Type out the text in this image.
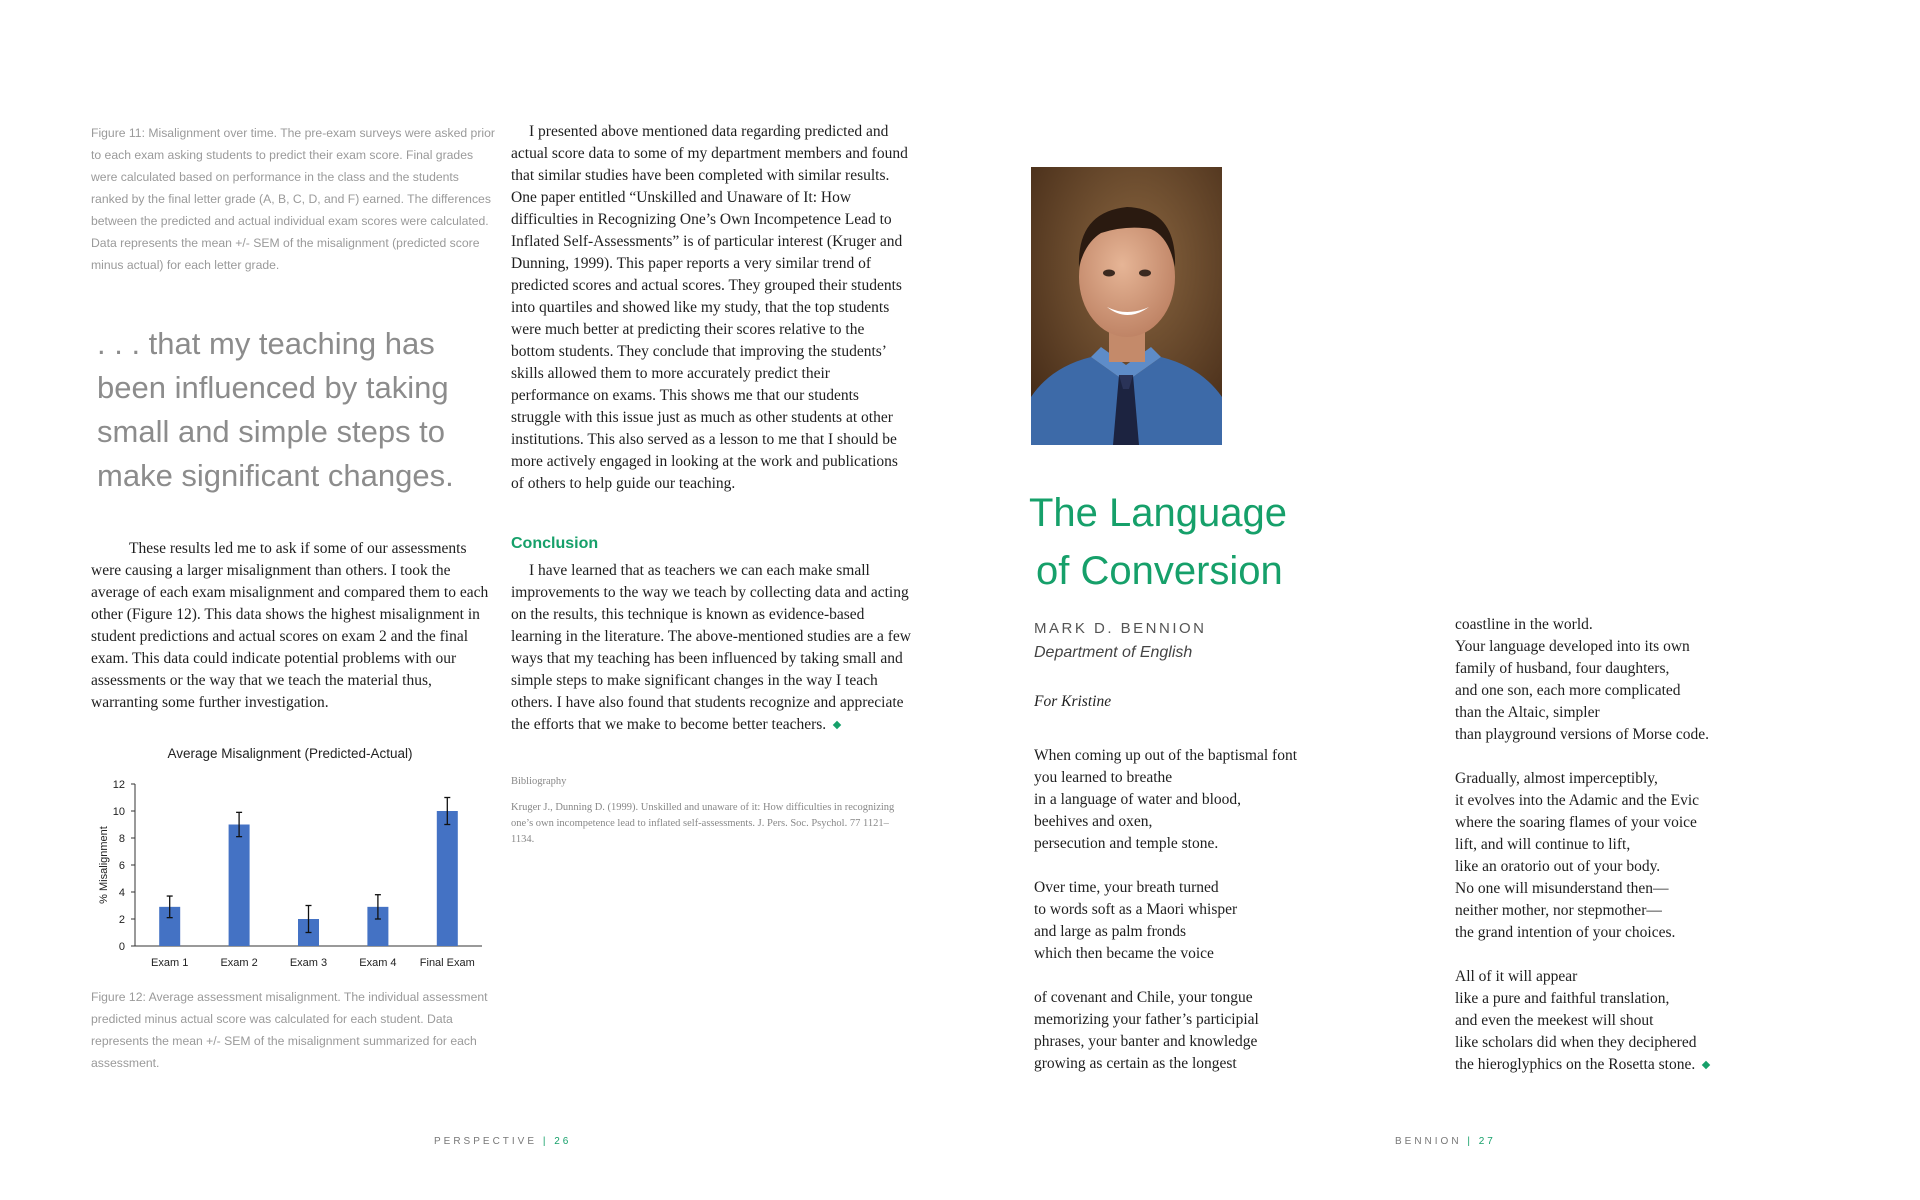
Figure 11: Misalignment over time. The pre-exam surveys were asked prior to each exam asking students to predict their exam score. Final grades were calculated based on performance in the class and the students ranked by the final letter grade (A, B, C, D, and F) earned. The differences between the predicted and actual individual exam scores were calculated. Data represents the mean +/- SEM of the misalignment (predicted score minus actual) for each letter grade.
. . . that my teaching has been influenced by taking small and simple steps to make significant changes.

These results led me to ask if some of our assessments were causing a larger misalignment than others. I took the average of each exam misalignment and compared them to each other (Figure 12). This data shows the highest misalignment in student predictions and actual scores on exam 2 and the final exam. This data could indicate potential problems with our assessments or the way that we teach the material thus, warranting some further investigation.

Average Misalignment (Predicted-Actual)
% Misalignment
0
2
4
6
8
10
12
Exam 1	Exam 2	Exam 3	Exam 4 Final Exam
Figure 12: Average assessment misalignment. The individual assessment predicted minus actual score was calculated for each student. Data represents the mean +/- SEM of the misalignment summarized for each assessment.

I presented above mentioned data regarding predicted and actual score data to some of my department members and found that similar studies have been completed with similar results. One paper entitled “Unskilled and Unaware of It: How difficulties in Recognizing One’s Own Incompetence Lead to Inflated Self-Assessments” is of particular interest (Kruger and Dunning, 1999). This paper reports a very similar trend of predicted scores and actual scores. They grouped their students into quartiles and showed like my study, that the top students were much better at predicting their scores relative to the bottom students. They conclude that improving the students’ skills allowed them to more accurately predict their performance on exams. This shows me that our students struggle with this issue just as much as other students at other institutions. This also served as a lesson to me that I should be more actively engaged in looking at the work and publications of others to help guide our teaching.

Conclusion

I have learned that as teachers we can each make small improvements to the way we teach by collecting data and acting on the results, this technique is known as evidence-based learning in the literature. The above-mentioned studies are a few ways that my teaching has been influenced by taking small and simple steps to make significant changes in the way I teach others. I have also found that students recognize and appreciate the efforts that we make to become better teachers.

Bibliography
Kruger J., Dunning D. (1999). Unskilled and unaware of it: How difficulties in recognizing one’s own incompetence lead to inflated self-assessments. J. Pers. Soc. Psychol. 77 1121–1134.
PERSPECTIVE | 26
The Language
of Conversion
MARK D. BENNION
Department of English
For Kristine
When coming up out of the baptismal font
you learned to breathe
in a language of water and blood,
beehives and oxen,
persecution and temple stone.
Over time, your breath turned
to words soft as a Maori whisper
and large as palm fronds
which then became the voice
of covenant and Chile, your tongue
memorizing your father’s participial
phrases, your banter and knowledge
growing as certain as the longest
coastline in the world.
Your language developed into its own
family of husband, four daughters,
and one son, each more complicated
than the Altaic, simpler
than playground versions of Morse code.
Gradually, almost imperceptibly,
it evolves into the Adamic and the Evic
where the soaring flames of your voice
lift, and will continue to lift,
like an oratorio out of your body.
No one will misunderstand then—
neither mother, nor stepmother—
the grand intention of your choices.
All of it will appear
like a pure and faithful translation,
and even the meekest will shout
like scholars did when they deciphered
the hieroglyphics on the Rosetta stone.
BENNION | 27
